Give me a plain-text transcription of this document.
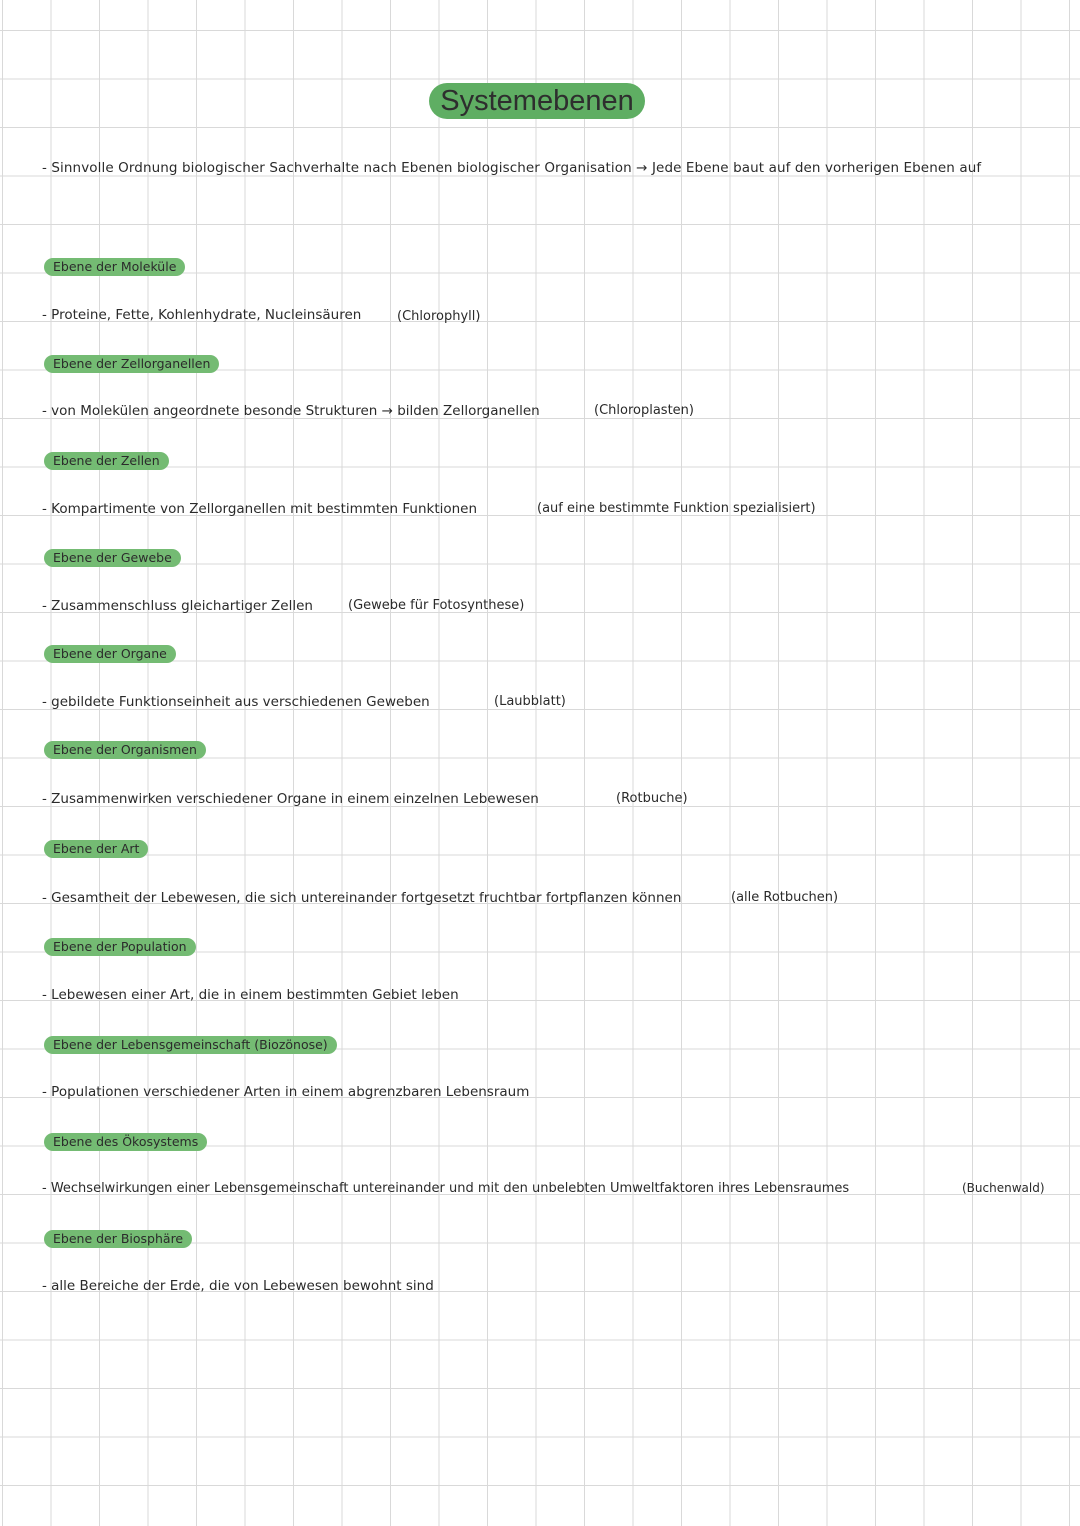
Systemebenen
- Sinnvolle Ordnung biologischer Sachverhalte nach Ebenen biologischer Organisation → Jede Ebene baut auf den vorherigen Ebenen auf
Ebene der Moleküle
- Proteine, Fette, Kohlenhydrate, Nucleinsäuren	(Chlorophyll)
Ebene der Zellorganellen
- von Molekülen angeordnete besonde Strukturen → bilden Zellorganellen	(Chloroplasten)
Ebene der Zellen
- Kompartimente von Zellorganellen mit bestimmten Funktionen	(auf eine bestimmte Funktion spezialisiert)
Ebene der Gewebe
- Zusammenschluss gleichartiger Zellen	(Gewebe für Fotosynthese)
Ebene der Organe
- gebildete Funktionseinheit aus verschiedenen Geweben	(Laubblatt)
Ebene der Organismen
- Zusammenwirken verschiedener Organe in einem einzelnen Lebewesen	(Rotbuche)
Ebene der Art
- Gesamtheit der Lebewesen, die sich untereinander fortgesetzt fruchtbar fortpflanzen können	(alle Rotbuchen)
Ebene der Population
- Lebewesen einer Art, die in einem bestimmten Gebiet leben
Ebene der Lebensgemeinschaft (Biozönose)
- Populationen verschiedener Arten in einem abgrenzbaren Lebensraum
Ebene des Ökosystems
- Wechselwirkungen einer Lebensgemeinschaft untereinander und mit den unbelebten Umweltfaktoren ihres Lebensraumes	(Buchenwald)
Ebene der Biosphäre
- alle Bereiche der Erde, die von Lebewesen bewohnt sind
